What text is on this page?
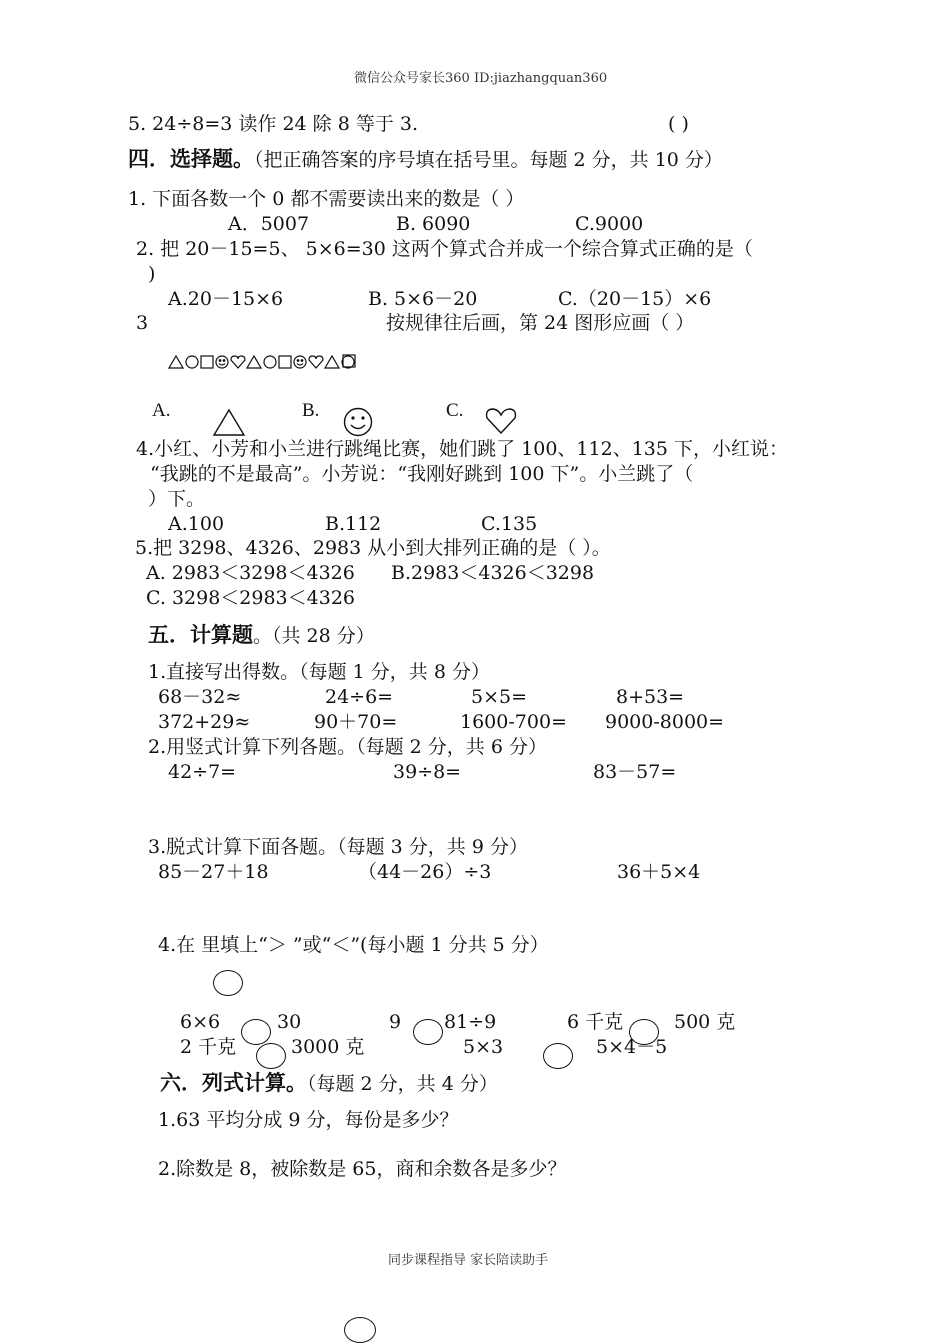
微信公众号家长360 ID:jiazhangquan360
5. 24÷8=3 读作 24 除 8 等于 3.	( )
四．选择题。（把正确答案的序号填在括号里。每题 2 分，共 10 分）
1. 下面各数一个 0 都不需要读出来的数是（ ）
A．5007	B. 6090	C.9000
2. 把 20－15=5、 5×6=30 这两个算式合并成一个综合算式正确的是（
)
A.20－15×6	B. 5×6－20	C.（20－15）×6
3	按规律往后画，第 24 图形应画（ ）
A.	B.	C.
4.小红、小芳和小兰进行跳绳比赛，她们跳了 100、112、135 下，小红说：
“我跳的不是最高”。小芳说：“我刚好跳到 100 下”。小兰跳了（
）下。
A.100	B.112	C.135
5.把 3298、4326、2983 从小到大排列正确的是（ ）。
A. 2983＜3298＜4326 B.2983＜4326＜3298
C. 3298＜2983＜4326
五．计算题。（共 28 分）
1.直接写出得数。（每题 1 分，共 8 分）
68－32≈	24÷6=	5×5=	8+53=
372+29≈	90＋70=	1600-700= 9000-8000=
2.用竖式计算下列各题。（每题 2 分，共 6 分）
42÷7=	39÷8=	83－57=
3.脱式计算下面各题。（每题 3 分，共 9 分）
85－27＋18	（44－26）÷3	36＋5×4
4.在 里填上“＞ ”或“＜”(每小题 1 分共 5 分）
6×6	30	9 81÷9	6 千克	500 克
2 千克	3000 克	5×3	5×4－5
六．列式计算。（每题 2 分，共 4 分）
1.63 平均分成 9 分，每份是多少？
2.除数是 8，被除数是 65，商和余数各是多少？
同步课程指导 家长陪读助手
